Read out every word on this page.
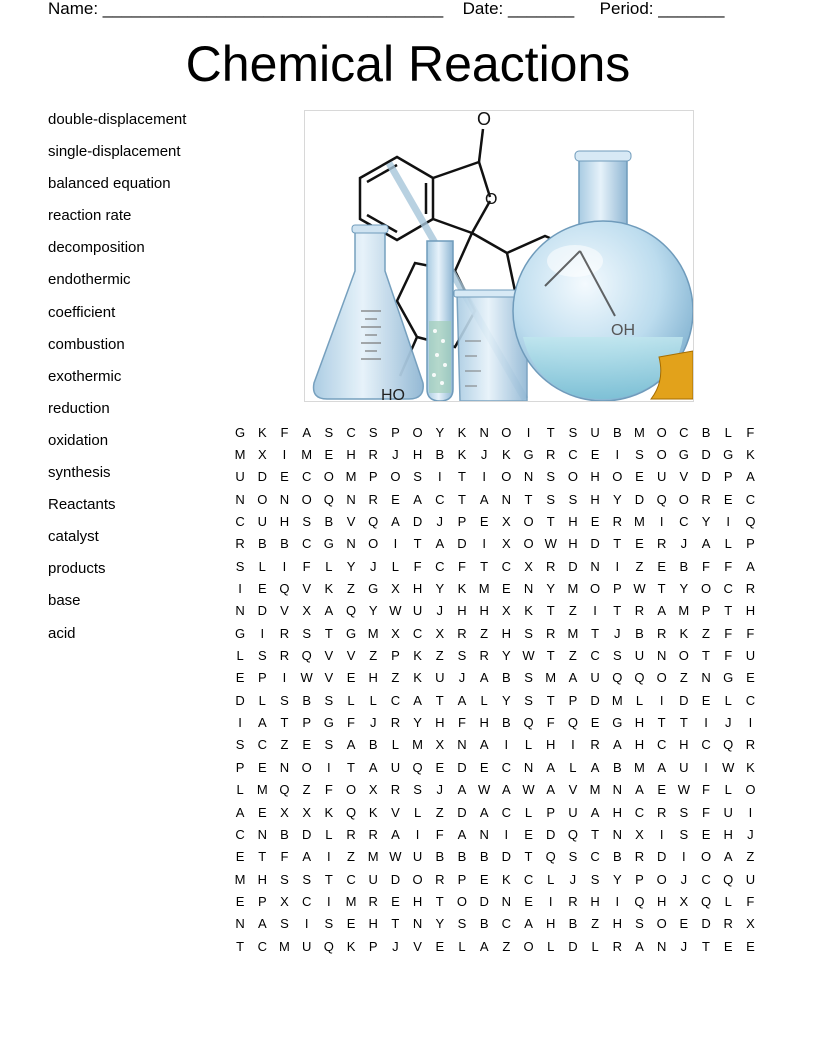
Name: ____________________________________ Date: _______ Period: _______
Chemical Reactions
double-displacement
single-displacement
balanced equation
reaction rate
decomposition
endothermic
coefficient
combustion
exothermic
reduction
oxidation
synthesis
Reactants
catalyst
products
base
acid
O
O
HO
OH
G	K	F	A	S	C	S	P	O	Y	K	N	O	I	T	S	U	B	M	O	C	B	L	F
M	X	I	M	E	H	R	J	H	B	K	J	K	G	R	C	E	I	S	O	G	D	G	K
U	D	E	C	O	M	P	O	S	I	T	I	O	N	S	O	H	O	E	U	V	D	P	A
N	O	N	O	Q	N	R	E	A	C	T	A	N	T	S	S	H	Y	D	Q	O	R	E	C
C	U	H	S	B	V	Q	A	D	J	P	E	X	O	T	H	E	R	M	I	C	Y	I	Q
R	B	B	C	G	N	O	I	T	A	D	I	X	O	W	H	D	T	E	R	J	A	L	P
S	L	I	F	L	Y	J	L	F	C	F	T	C	X	R	D	N	I	Z	E	B	F	F	A
I	E	Q	V	K	Z	G	X	H	Y	K	M	E	N	Y	M	O	P	W	T	Y	O	C	R
N	D	V	X	A	Q	Y	W	U	J	H	H	X	K	T	Z	I	T	R	A	M	P	T	H
G	I	R	S	T	G	M	X	C	X	R	Z	H	S	R	M	T	J	B	R	K	Z	F	F
L	S	R	Q	V	V	Z	P	K	Z	S	R	Y	W	T	Z	C	S	U	N	O	T	F	U
E	P	I	W	V	E	H	Z	K	U	J	A	B	S	M	A	U	Q	Q	O	Z	N	G	E
D	L	S	B	S	L	L	C	A	T	A	L	Y	S	T	P	D	M	L	I	D	E	L	C
I	A	T	P	G	F	J	R	Y	H	F	H	B	Q	F	Q	E	G	H	T	T	I	J	I
S	C	Z	E	S	A	B	L	M	X	N	A	I	L	H	I	R	A	H	C	H	C	Q	R
P	E	N	O	I	T	A	U	Q	E	D	E	C	N	A	L	A	B	M	A	U	I	W	K
L	M	Q	Z	F	O	X	R	S	J	A	W	A	W	A	V	M	N	A	E	W	F	L	O
A	E	X	X	K	Q	K	V	L	Z	D	A	C	L	P	U	A	H	C	R	S	F	U	I
C	N	B	D	L	R	R	A	I	F	A	N	I	E	D	Q	T	N	X	I	S	E	H	J
E	T	F	A	I	Z	M	W	U	B	B	B	D	T	Q	S	C	B	R	D	I	O	A	Z
M	H	S	S	T	C	U	D	O	R	P	E	K	C	L	J	S	Y	P	O	J	C	Q	U
E	P	X	C	I	M	R	E	H	T	O	D	N	E	I	R	H	I	Q	H	X	Q	L	F
N	A	S	I	S	E	H	T	N	Y	S	B	C	A	H	B	Z	H	S	O	E	D	R	X
T	C	M	U	Q	K	P	J	V	E	L	A	Z	O	L	D	L	R	A	N	J	T	E	E
